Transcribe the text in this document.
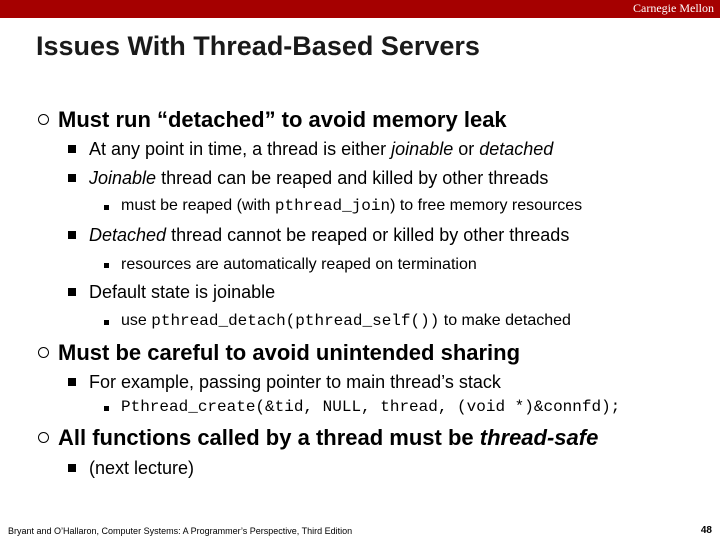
Carnegie Mellon
Issues With Thread-Based Servers
Must run “detached” to avoid memory leak
At any point in time, a thread is either joinable or detached
Joinable thread can be reaped and killed by other threads
must be reaped (with pthread_join) to free memory resources
Detached thread cannot be reaped or killed by other threads
resources are automatically reaped on termination
Default state is joinable
use pthread_detach(pthread_self()) to make detached
Must be careful to avoid unintended sharing
For example, passing pointer to main thread’s stack
Pthread_create(&tid, NULL, thread, (void *)&connfd);
All functions called by a thread must be thread-safe
(next lecture)
Bryant and O’Hallaron, Computer Systems: A Programmer’s Perspective, Third Edition	48
